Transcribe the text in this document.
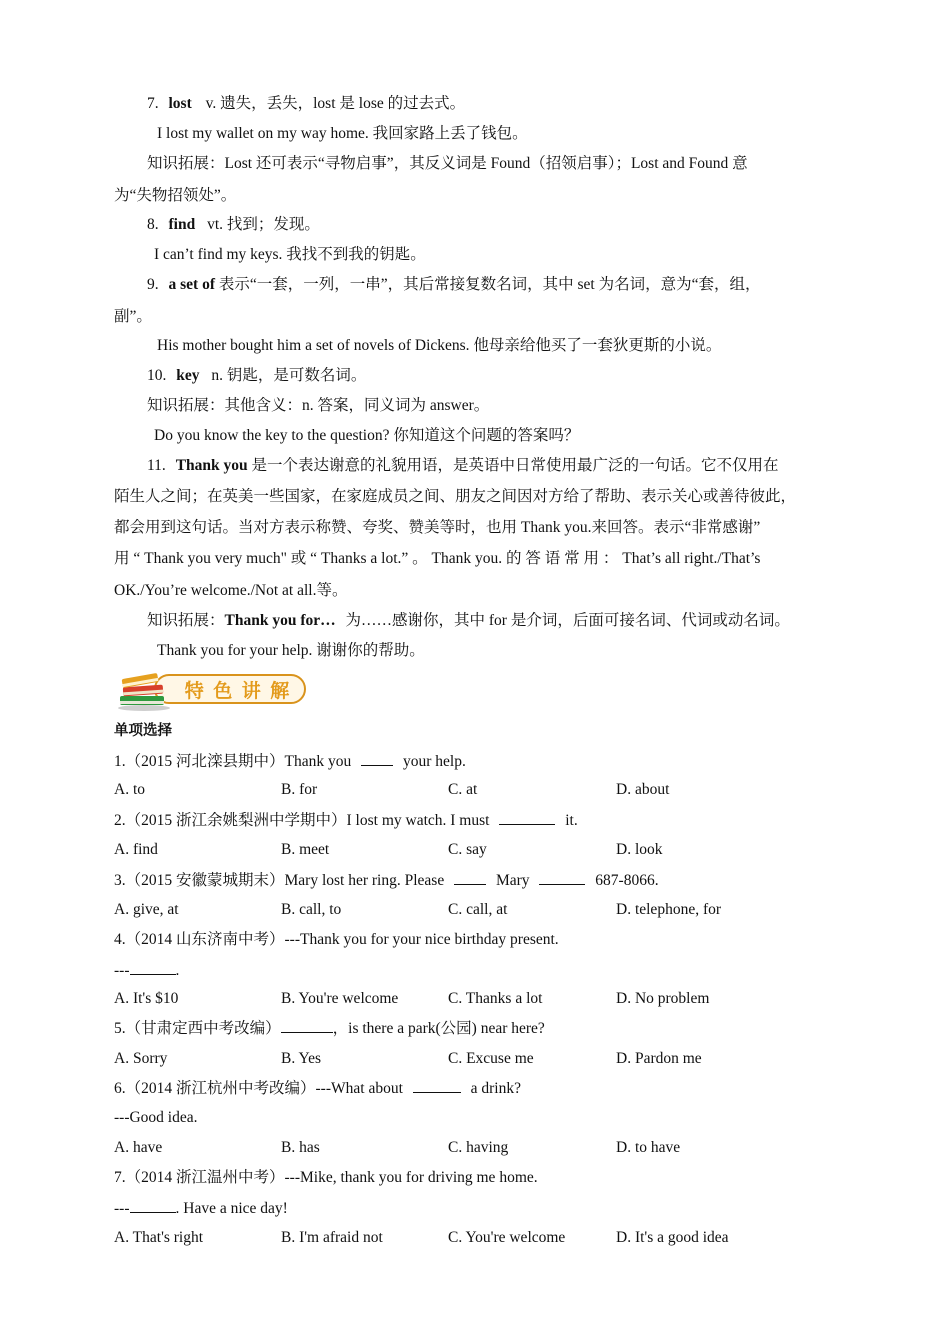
7. lost v. 遗失，丢失，lost 是 lose 的过去式。
I lost my wallet on my way home. 我回家路上丢了钱包。
知识拓展：Lost 还可表示“寻物启事”，其反义词是 Found（招领启事）；Lost and Found 意
为“失物招领处”。
8. find vt. 找到；发现。
I can’t find my keys. 我找不到我的钥匙。
9. a set of 表示“一套，一列，一串”，其后常接复数名词，其中 set 为名词，意为“套，组，
副”。
His mother bought him a set of novels of Dickens. 他母亲给他买了一套狄更斯的小说。
10. key n. 钥匙，是可数名词。
知识拓展：其他含义：n. 答案，同义词为 answer。
Do you know the key to the question? 你知道这个问题的答案吗？
11. Thank you 是一个表达谢意的礼貌用语，是英语中日常使用最广泛的一句话。它不仅用在
陌生人之间；在英美一些国家，在家庭成员之间、朋友之间因对方给了帮助、表示关心或善待彼此，
都会用到这句话。当对方表示称赞、夸奖、赞美等时，也用 Thank you.来回答。表示“非常感谢”
用 “ Thank you very much" 或 “ Thanks a lot.” 。 Thank you. 的 答 语 常 用 ： That’s all right./That’s
OK./You’re welcome./Not at all.等。
知识拓展：Thank you for… 为……感谢你，其中 for 是介词，后面可接名词、代词或动名词。
Thank you for your help. 谢谢你的帮助。
特 色 讲 解
单项选择
1.（2015 河北滦县期中）Thank you	your help.
A. to	B. for	C. at	D. about
2.（2015 浙江余姚梨洲中学期中）I lost my watch. I must	it.
A. find	B. meet	C. say	D. look
3.（2015 安徽蒙城期末）Mary lost her ring. Please	Mary	687-8066.
A. give, at	B. call, to	C. call, at	D. telephone, for
4.（2014 山东济南中考）---Thank you for your nice birthday present.
---	.
A. It's $10	B. You're welcome	C. Thanks a lot	D. No problem
5.（甘肃定西中考改编）	，is there a park(公园) near here?
A. Sorry	B. Yes	C. Excuse me	D. Pardon me
6.（2014 浙江杭州中考改编）---What about	a drink?
---Good idea.
A. have	B. has	C. having	D. to have
7.（2014 浙江温州中考）---Mike, thank you for driving me home.
---	. Have a nice day!
A. That's right	B. I'm afraid not	C. You're welcome	D. It's a good idea
